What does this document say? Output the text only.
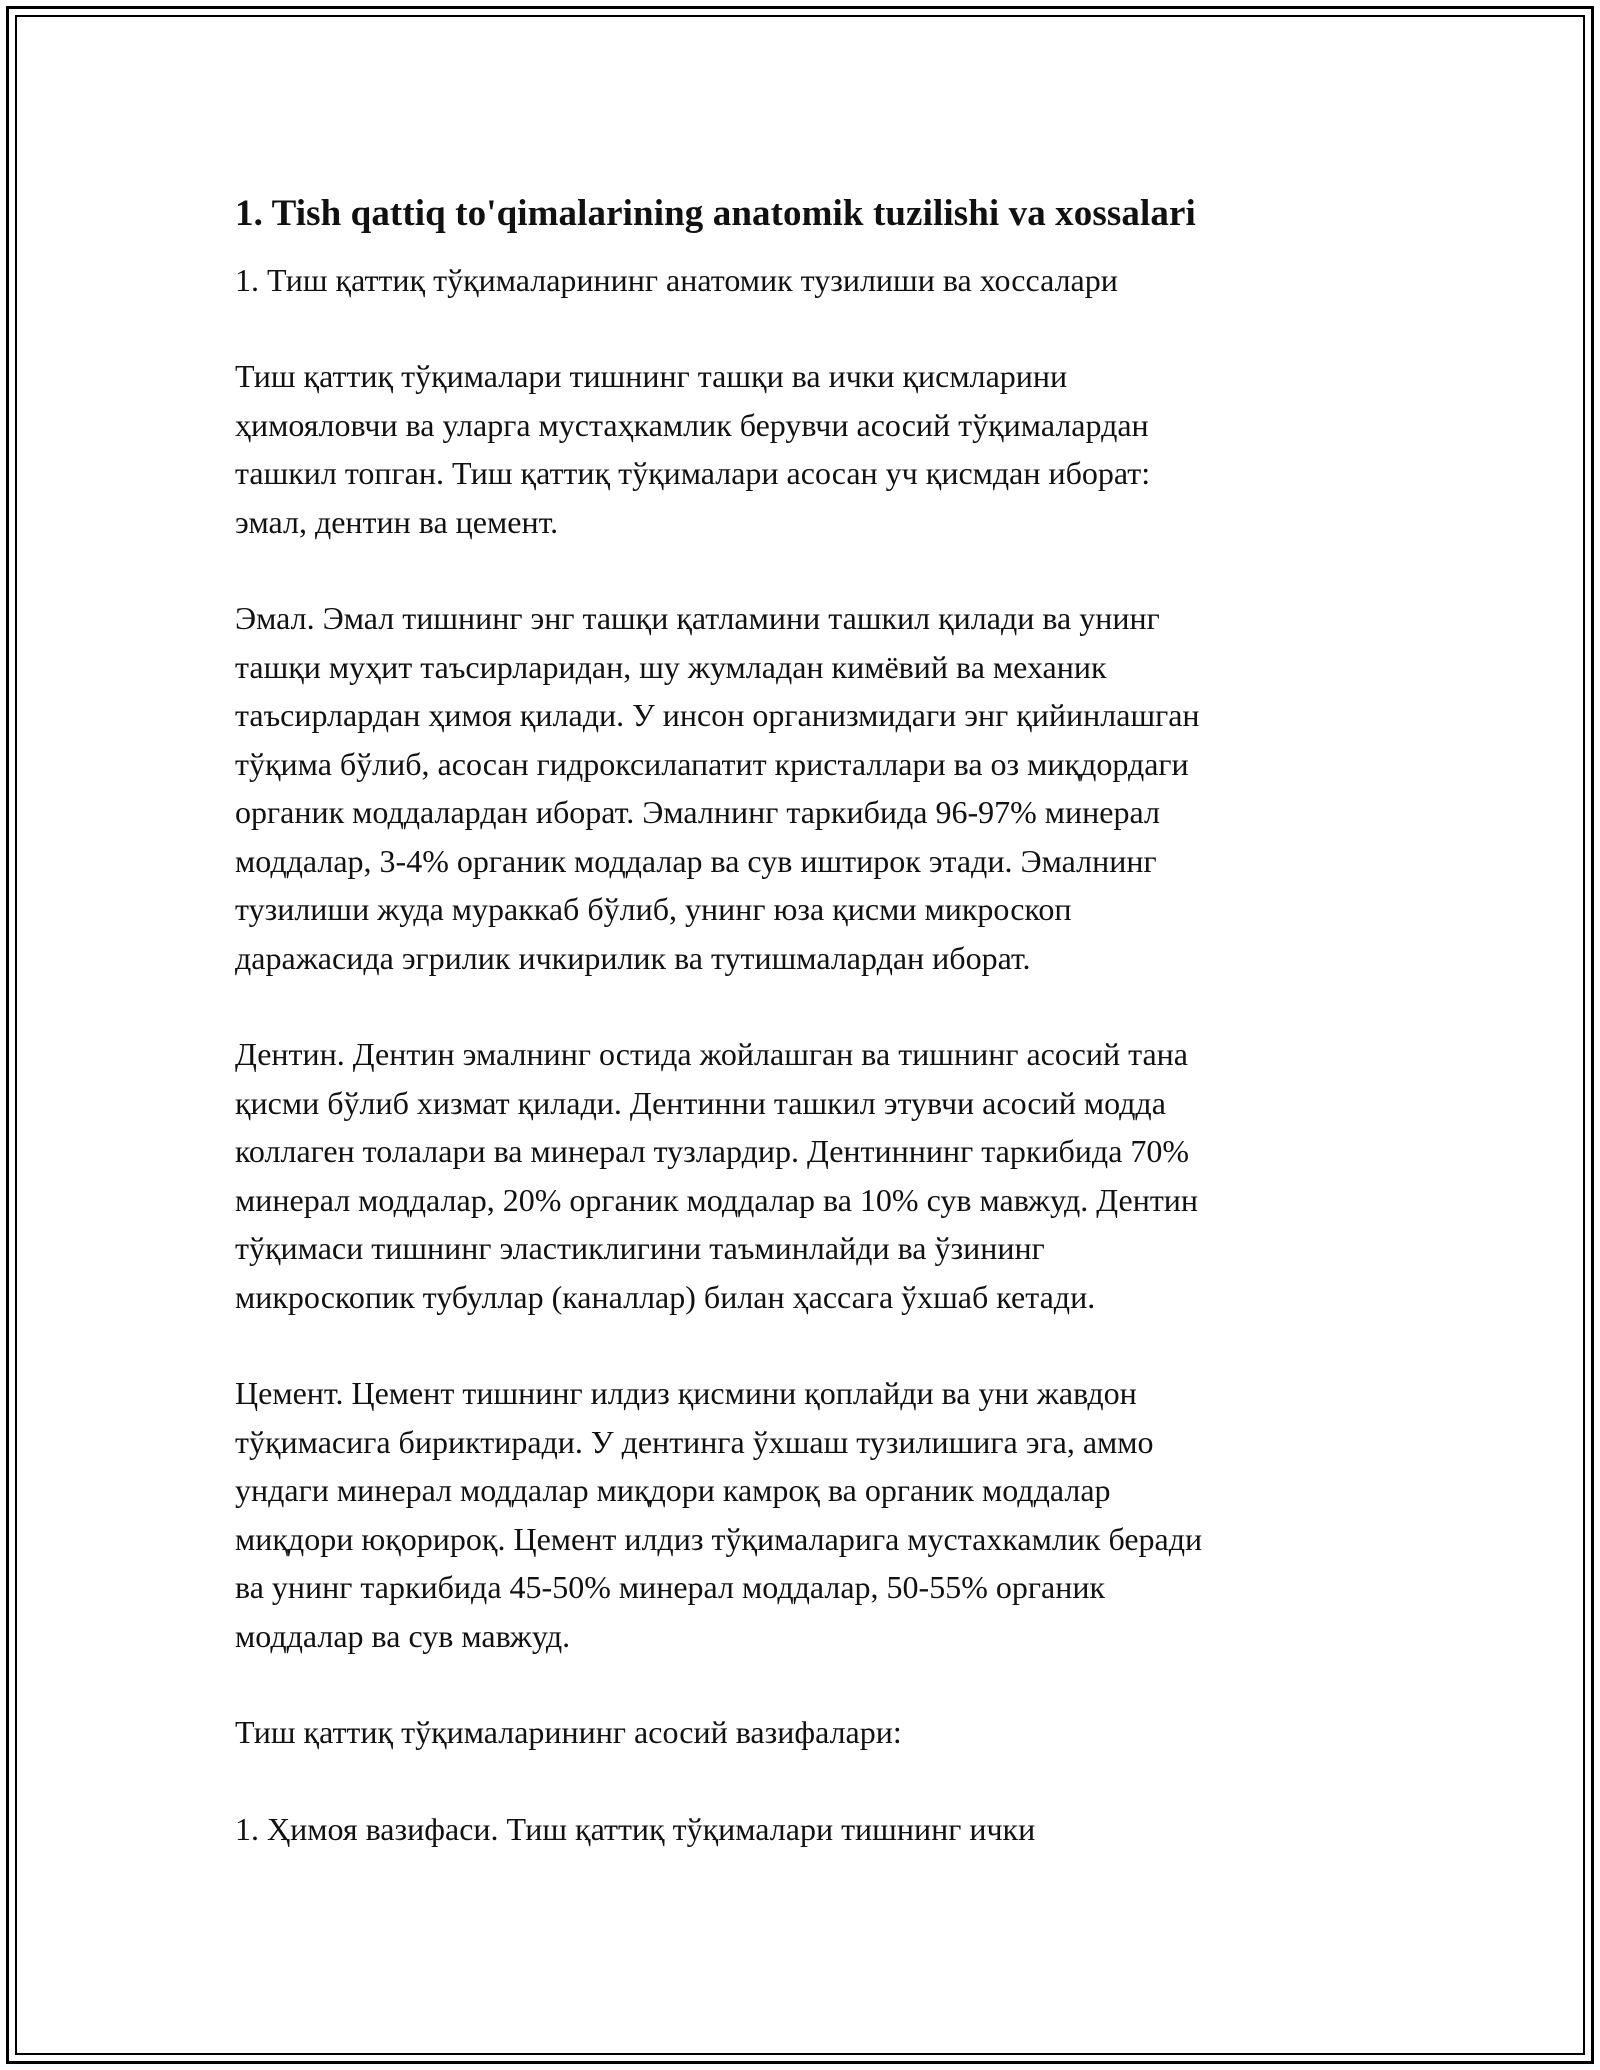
1. Tish qattiq to'qimalarining anatomik tuzilishi va xossalari

1. Тиш қаттиқ тўқималарининг анатомик тузилиши ва хоссалари

Тиш қаттиқ тўқималари тишнинг ташқи ва ички қисмларини
ҳимояловчи ва уларга мустаҳкамлик берувчи асосий тўқималардан
ташкил топган. Тиш қаттиқ тўқималари асосан уч қисмдан иборат:
эмал, дентин ва цемент.

Эмал. Эмал тишнинг энг ташқи қатламини ташкил қилади ва унинг
ташқи муҳит таъсирларидан, шу жумладан кимёвий ва механик
таъсирлардан ҳимоя қилади. У инсон организмидаги энг қийинлашган
тўқима бўлиб, асосан гидроксилапатит кристаллари ва оз миқдордаги
органик моддалардан иборат. Эмалнинг таркибида 96-97% минерал
моддалар, 3-4% органик моддалар ва сув иштирок этади. Эмалнинг
тузилиши жуда мураккаб бўлиб, унинг юза қисми микроскоп
даражасида эгрилик ичкирилик ва тутишмалардан иборат.

Дентин. Дентин эмалнинг остида жойлашган ва тишнинг асосий тана
қисми бўлиб хизмат қилади. Дентинни ташкил этувчи асосий модда
коллаген толалари ва минерал тузлардир. Дентиннинг таркибида 70%
минерал моддалар, 20% органик моддалар ва 10% сув мавжуд. Дентин
тўқимаси тишнинг эластиклигини таъминлайди ва ўзининг
микроскопик тубуллар (каналлар) билан ҳассага ўхшаб кетади.

Цемент. Цемент тишнинг илдиз қисмини қоплайди ва уни жавдон
тўқимасига бириктиради. У дентинга ўхшаш тузилишига эга, аммо
ундаги минерал моддалар миқдори камроқ ва органик моддалар
миқдори юқорироқ. Цемент илдиз тўқималарига мустахкамлик беради
ва унинг таркибида 45-50% минерал моддалар, 50-55% органик
моддалар ва сув мавжуд.

Тиш қаттиқ тўқималарининг асосий вазифалари:

1. Ҳимоя вазифаси. Тиш қаттиқ тўқималари тишнинг ички
